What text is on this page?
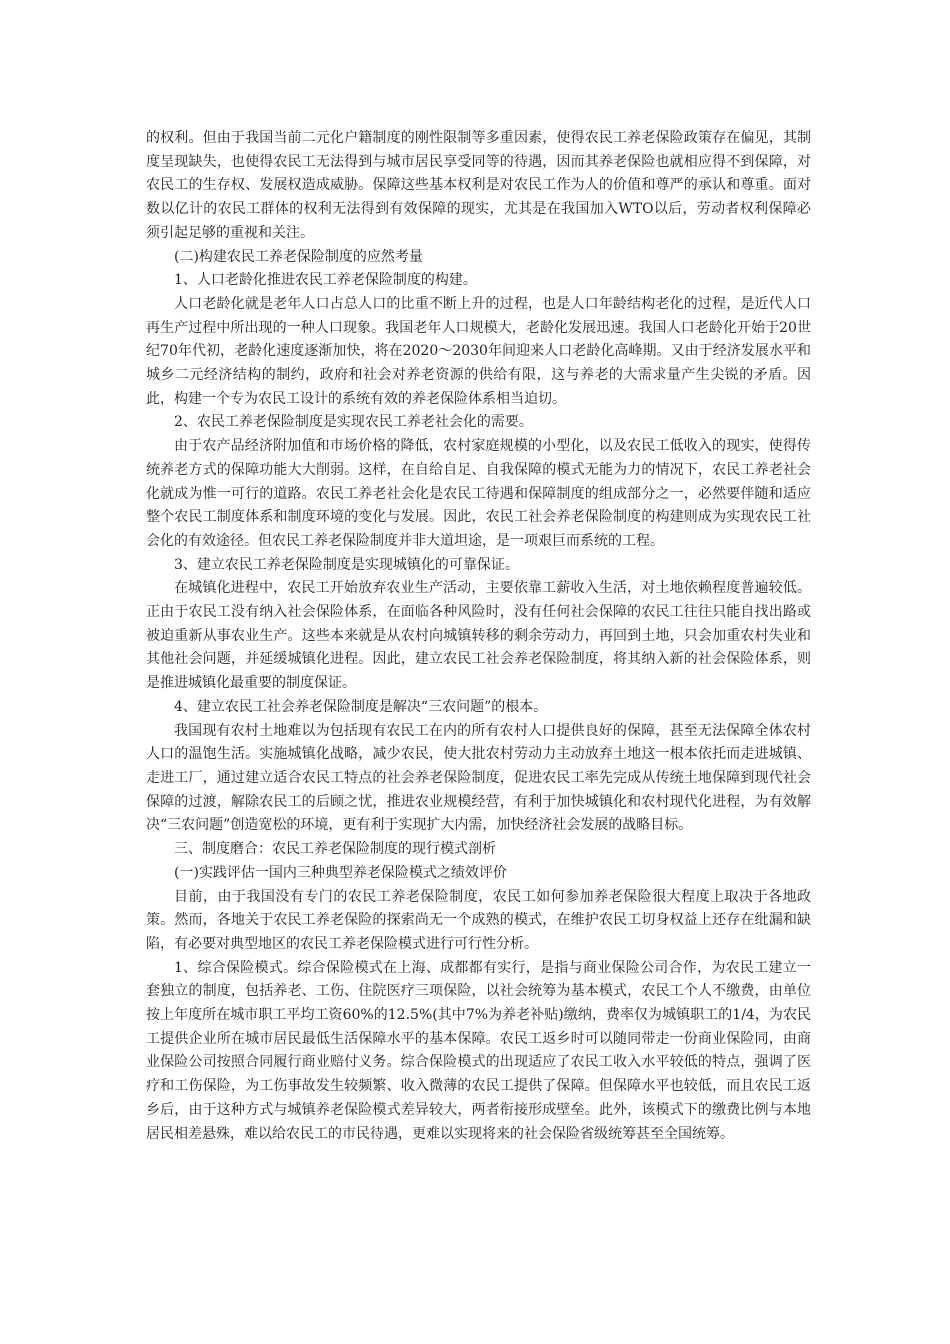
的权利。但由于我国当前二元化户籍制度的刚性限制等多重因素，使得农民工养老保险政策存在偏见，其制度呈现缺失，也使得农民工无法得到与城市居民享受同等的待遇，因而其养老保险也就相应得不到保障，对农民工的生存权、发展权造成威胁。保障这些基本权利是对农民工作为人的价值和尊严的承认和尊重。面对数以亿计的农民工群体的权利无法得到有效保障的现实，尤其是在我国加入WTO以后，劳动者权利保障必须引起足够的重视和关注。

(二)构建农民工养老保险制度的应然考量

1、人口老龄化推进农民工养老保险制度的构建。

人口老龄化就是老年人口占总人口的比重不断上升的过程，也是人口年龄结构老化的过程，是近代人口再生产过程中所出现的一种人口现象。我国老年人口规模大，老龄化发展迅速。我国人口老龄化开始于20世纪70年代初，老龄化速度逐渐加快，将在2020～2030年间迎来人口老龄化高峰期。又由于经济发展水平和城乡二元经济结构的制约，政府和社会对养老资源的供给有限，这与养老的大需求量产生尖锐的矛盾。因此，构建一个专为农民工设计的系统有效的养老保险体系相当迫切。

2、农民工养老保险制度是实现农民工养老社会化的需要。

由于农产品经济附加值和市场价格的降低，农村家庭规模的小型化，以及农民工低收入的现实，使得传统养老方式的保障功能大大削弱。这样，在自给自足、自我保障的模式无能为力的情况下，农民工养老社会化就成为惟一可行的道路。农民工养老社会化是农民工待遇和保障制度的组成部分之一，必然要伴随和适应整个农民工制度体系和制度环境的变化与发展。因此，农民工社会养老保险制度的构建则成为实现农民工社会化的有效途径。但农民工养老保险制度并非大道坦途，是一项艰巨而系统的工程。

3、建立农民工养老保险制度是实现城镇化的可靠保证。

在城镇化进程中，农民工开始放弃农业生产活动，主要依靠工薪收入生活，对土地依赖程度普遍较低。正由于农民工没有纳入社会保险体系，在面临各种风险时，没有任何社会保障的农民工往往只能自找出路或被迫重新从事农业生产。这些本来就是从农村向城镇转移的剩余劳动力，再回到土地，只会加重农村失业和其他社会问题，并延缓城镇化进程。因此，建立农民工社会养老保险制度，将其纳入新的社会保险体系，则是推进城镇化最重要的制度保证。

4、建立农民工社会养老保险制度是解决“三农问题”的根本。

我国现有农村土地难以为包括现有农民工在内的所有农村人口提供良好的保障，甚至无法保障全体农村人口的温饱生活。实施城镇化战略，减少农民，使大批农村劳动力主动放弃土地这一根本依托而走进城镇、走进工厂，通过建立适合农民工特点的社会养老保险制度，促进农民工率先完成从传统土地保障到现代社会保障的过渡，解除农民工的后顾之忧，推进农业规模经营，有利于加快城镇化和农村现代化进程，为有效解决“三农问题”创造宽松的环境，更有利于实现扩大内需，加快经济社会发展的战略目标。

三、制度磨合：农民工养老保险制度的现行模式剖析

(一)实践评估一国内三种典型养老保险模式之绩效评价

目前，由于我国没有专门的农民工养老保险制度，农民工如何参加养老保险很大程度上取决于各地政策。然而，各地关于农民工养老保险的探索尚无一个成熟的模式，在维护农民工切身权益上还存在纰漏和缺陷，有必要对典型地区的农民工养老保险模式进行可行性分析。

1、综合保险模式。综合保险模式在上海、成都都有实行，是指与商业保险公司合作，为农民工建立一套独立的制度，包括养老、工伤、住院医疗三项保险，以社会统筹为基本模式，农民工个人不缴费，由单位按上年度所在城市职工平均工资60%的12.5%(其中7%为养老补贴)缴纳，费率仅为城镇职工的1/4，为农民工提供企业所在城市居民最低生活保障水平的基本保障。农民工返乡时可以随同带走一份商业保险同，由商业保险公司按照合同履行商业赔付义务。综合保险模式的出现适应了农民工收入水平较低的特点，强调了医疗和工伤保险，为工伤事故发生较频繁、收入微薄的农民工提供了保障。但保障水平也较低，而且农民工返乡后，由于这种方式与城镇养老保险模式差异较大，两者衔接形成壁垒。此外，该模式下的缴费比例与本地居民相差悬殊，难以给农民工的市民待遇，更难以实现将来的社会保险省级统筹甚至全国统筹。
